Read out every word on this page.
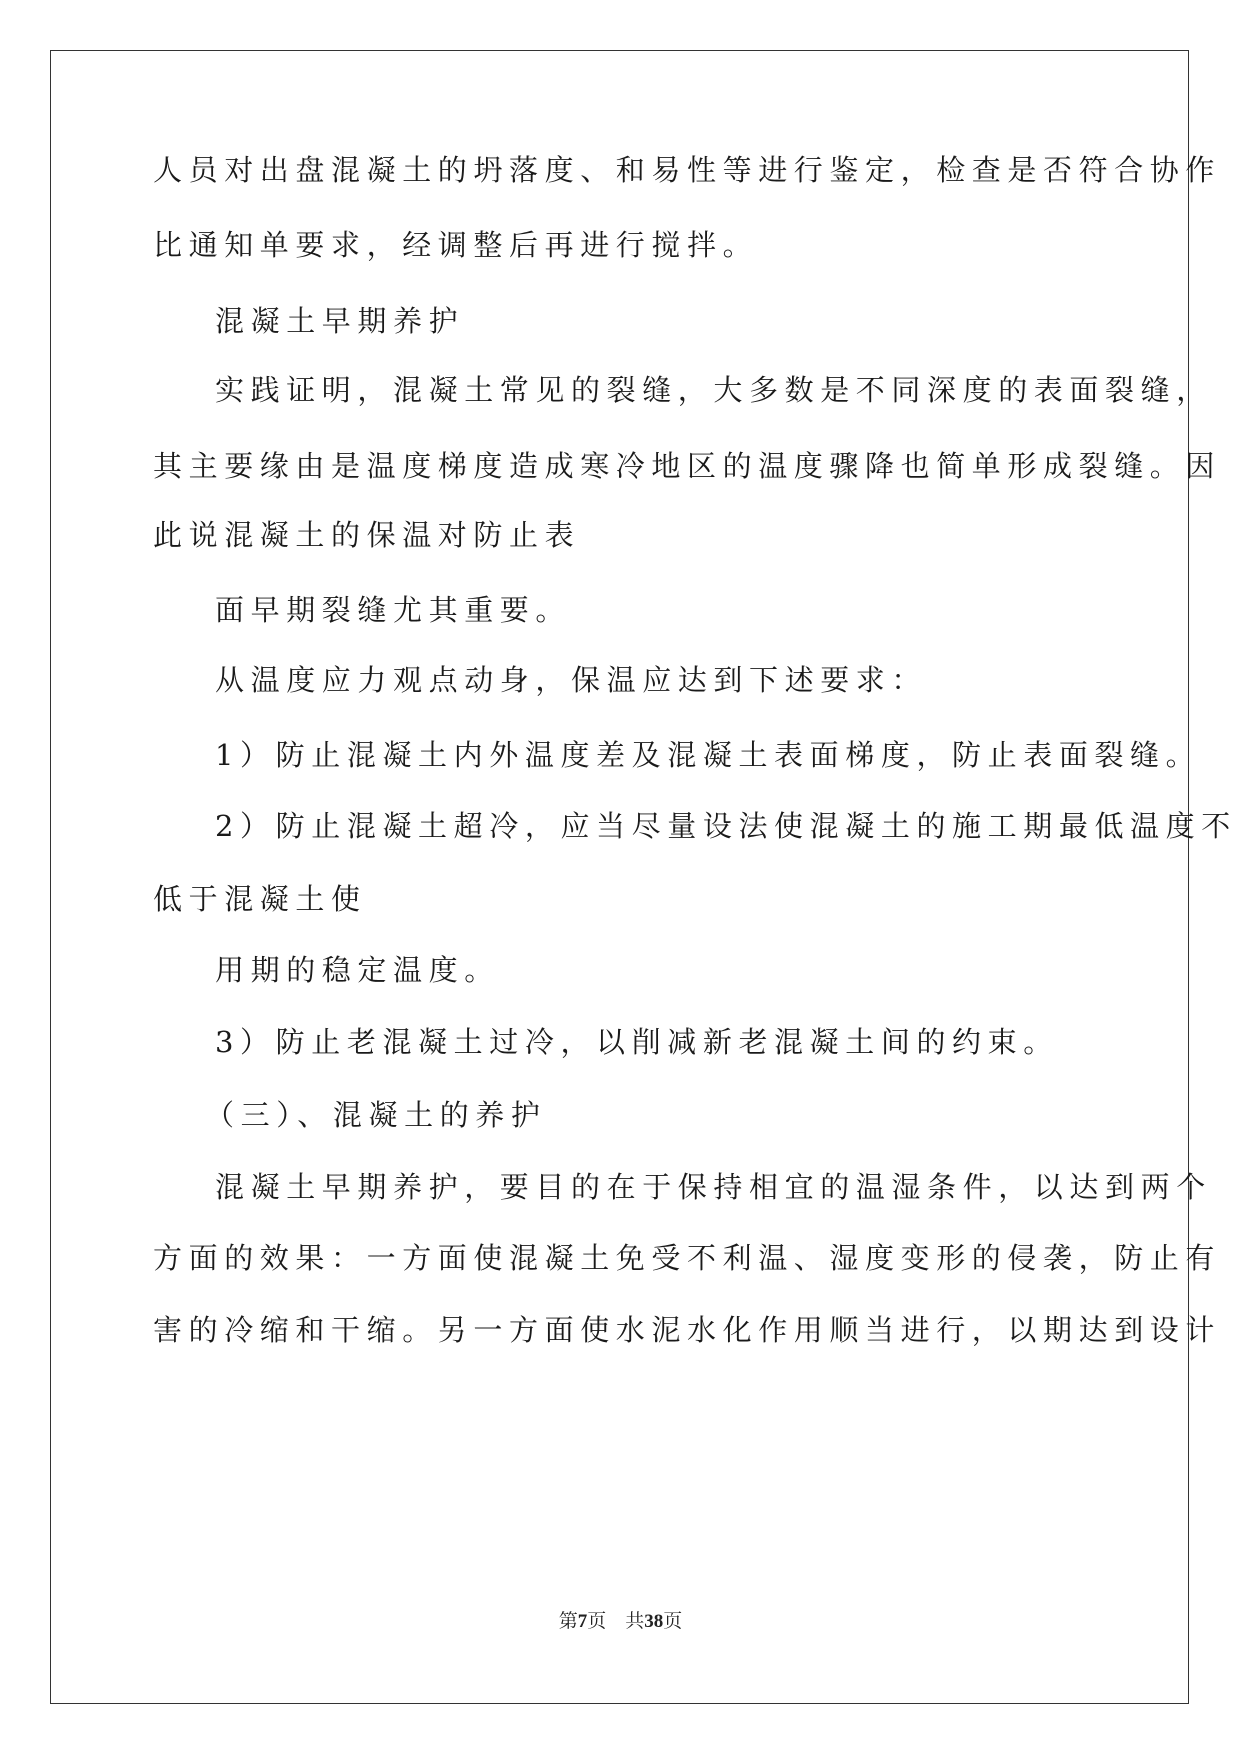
人员对出盘混凝土的坍落度、和易性等进行鉴定，检查是否符合协作
比通知单要求，经调整后再进行搅拌。
混凝土早期养护
实践证明，混凝土常见的裂缝，大多数是不同深度的表面裂缝，
其主要缘由是温度梯度造成寒冷地区的温度骤降也简单形成裂缝。因
此说混凝土的保温对防止表
面早期裂缝尤其重要。
从温度应力观点动身，保温应达到下述要求：
1）防止混凝土内外温度差及混凝土表面梯度，防止表面裂缝。
2）防止混凝土超冷，应当尽量设法使混凝土的施工期最低温度不
低于混凝土使
用期的稳定温度。
3）防止老混凝土过冷，以削减新老混凝土间的约束。
（三）、混凝土的养护
混凝土早期养护，要目的在于保持相宜的温湿条件，以达到两个
方面的效果：一方面使混凝土免受不利温、湿度变形的侵袭，防止有
害的冷缩和干缩。另一方面使水泥水化作用顺当进行，以期达到设计
第7页 共38页
